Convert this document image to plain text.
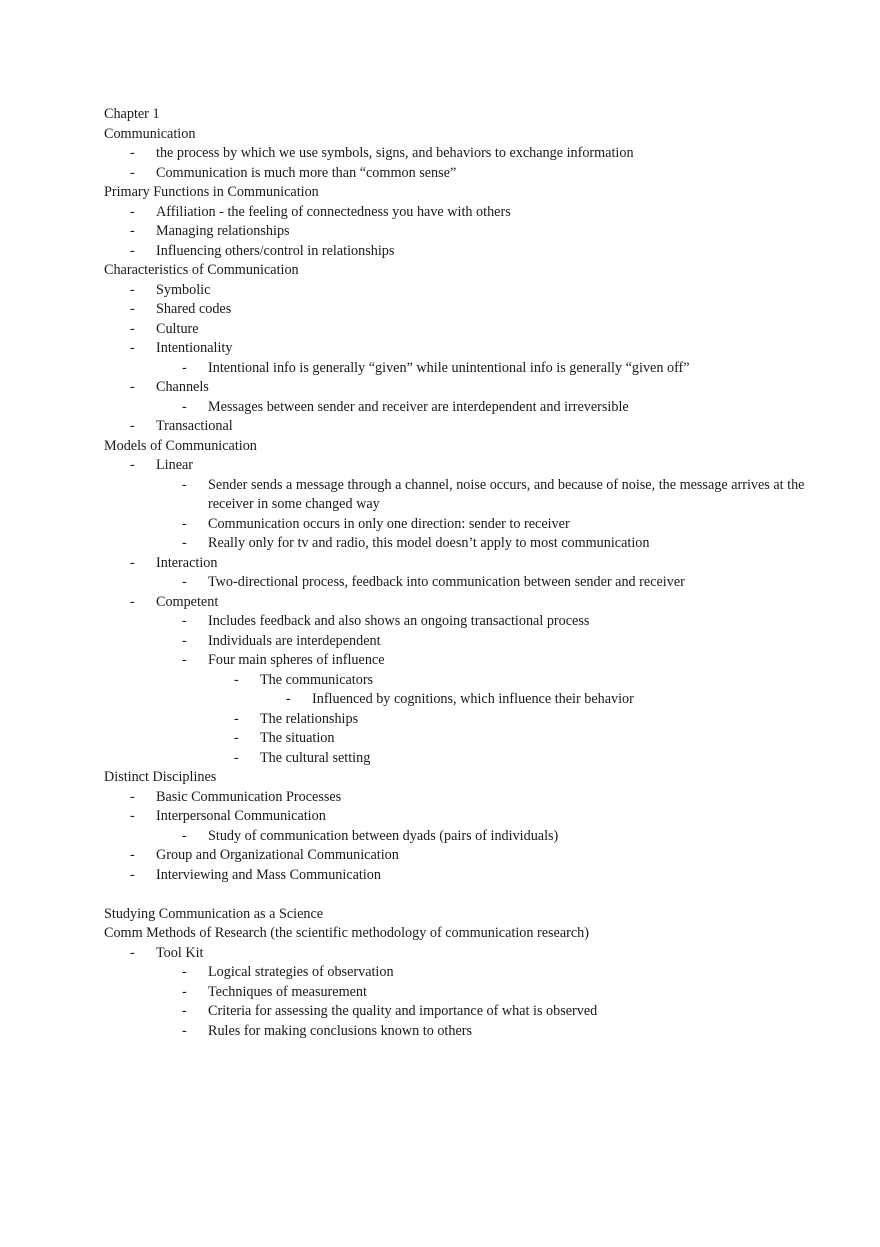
Chapter 1
Communication
- the process by which we use symbols, signs, and behaviors to exchange information
- Communication is much more than “common sense”
Primary Functions in Communication
- Affiliation - the feeling of connectedness you have with others
- Managing relationships
- Influencing others/control in relationships
Characteristics of Communication
- Symbolic
- Shared codes
- Culture
- Intentionality
- Intentional info is generally “given” while unintentional info is generally “given off”
- Channels
- Messages between sender and receiver are interdependent and irreversible
- Transactional
Models of Communication
- Linear
- Sender sends a message through a channel, noise occurs, and because of noise, the message arrives at the receiver in some changed way
- Communication occurs in only one direction: sender to receiver
- Really only for tv and radio, this model doesn’t apply to most communication
- Interaction
- Two-directional process, feedback into communication between sender and receiver
- Competent
- Includes feedback and also shows an ongoing transactional process
- Individuals are interdependent
- Four main spheres of influence
- The communicators
- Influenced by cognitions, which influence their behavior
- The relationships
- The situation
- The cultural setting
Distinct Disciplines
- Basic Communication Processes
- Interpersonal Communication
- Study of communication between dyads (pairs of individuals)
- Group and Organizational Communication
- Interviewing and Mass Communication
Studying Communication as a Science
Comm Methods of Research (the scientific methodology of communication research)
- Tool Kit
- Logical strategies of observation
- Techniques of measurement
- Criteria for assessing the quality and importance of what is observed
- Rules for making conclusions known to others
